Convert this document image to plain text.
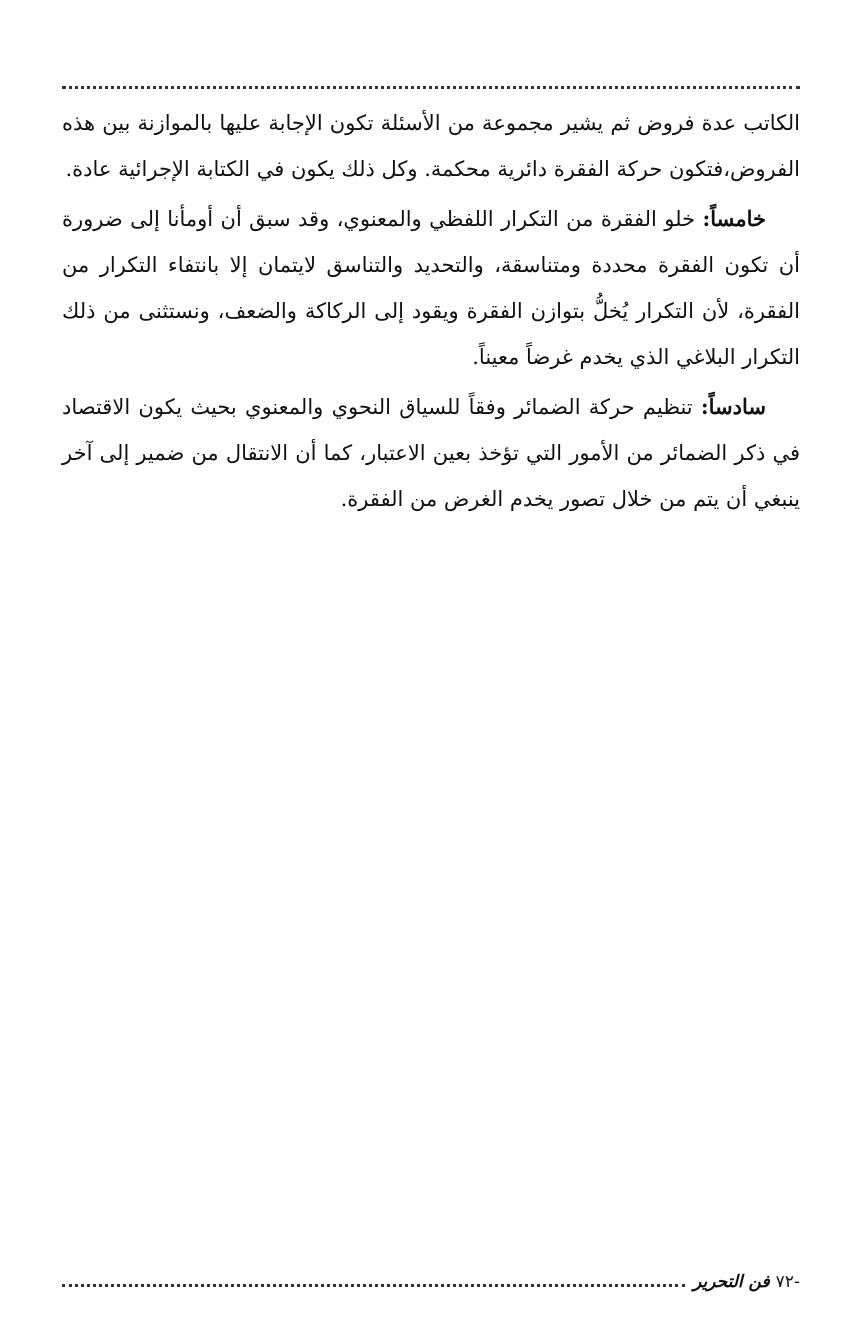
الكاتب عدة فروض ثم يشير مجموعة من الأسئلة تكون الإجابة عليها بالموازنة بين هذه الفروض،فتكون حركة الفقرة دائرية محكمة. وكل ذلك يكون في الكتابة الإجرائية عادة.

خامساً: خلو الفقرة من التكرار اللفظي والمعنوي، وقد سبق أن أومأنا إلى ضرورة أن تكون الفقرة محددة ومتناسقة، والتحديد والتناسق لايتمان إلا بانتفاء التكرار من الفقرة، لأن التكرار يُخلُّ بتوازن الفقرة ويقود إلى الركاكة والضعف، ونستثنى من ذلك التكرار البلاغي الذي يخدم غرضاً معيناً.

سادساً: تنظيم حركة الضمائر وفقاً للسياق النحوي والمعنوي بحيث يكون الاقتصاد في ذكر الضمائر من الأمور التي تؤخذ بعين الاعتبار، كما أن الانتقال من ضمير إلى آخر ينبغي أن يتم من خلال تصور يخدم الغرض من الفقرة.

-٧٢
فن التحرير
